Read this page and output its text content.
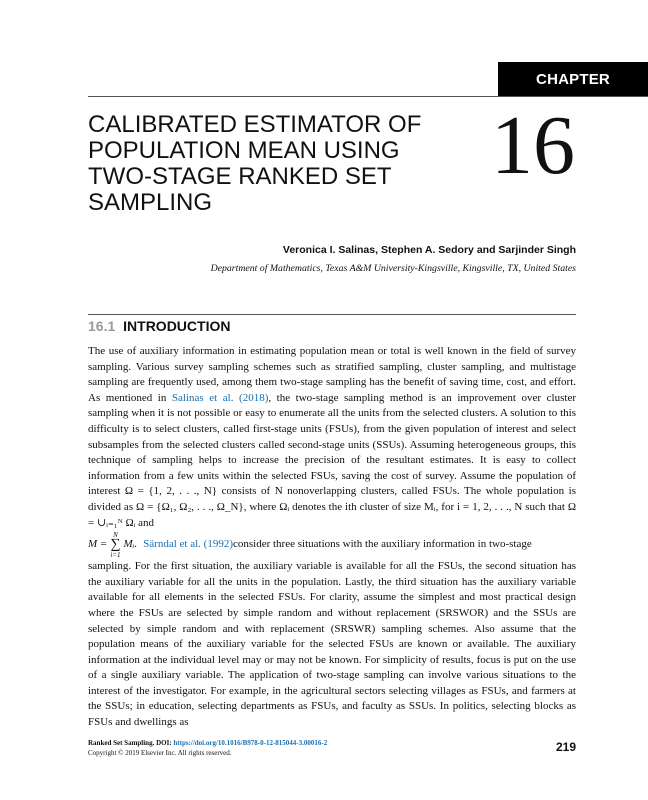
CHAPTER
CALIBRATED ESTIMATOR OF POPULATION MEAN USING TWO-STAGE RANKED SET SAMPLING
16
Veronica I. Salinas, Stephen A. Sedory and Sarjinder Singh
Department of Mathematics, Texas A&M University-Kingsville, Kingsville, TX, United States
16.1 INTRODUCTION

The use of auxiliary information in estimating population mean or total is well known in the field of survey sampling. Various survey sampling schemes such as stratified sampling, cluster sampling, and multistage sampling are frequently used, among them two-stage sampling has the benefit of saving time, cost, and effort. As mentioned in Salinas et al. (2018), the two-stage sampling method is an improvement over cluster sampling when it is not possible or easy to enumerate all the units from the selected clusters. A solution to this difficulty is to select clusters, called first-stage units (FSUs), from the given population of interest and select subsamples from the selected clusters called second-stage units (SSUs). Assuming heterogeneous groups, this technique of sampling helps to increase the precision of the resultant estimates. It is easy to collect information from a few units within the selected FSUs, saving the cost of survey. Assume the population of interest Ω = {1, 2, . . ., N} consists of N nonoverlapping clusters, called FSUs. The whole population is divided as Ω = {Ω₁, Ω₂, . . ., Ω_N}, where Ωᵢ denotes the ith cluster of size Mᵢ, for i = 1, 2, . . ., N such that Ω = ∪ᵢ₌₁ᴺ Ωᵢ and

M =
N
∑
i=1
Mᵢ. Särndal et al. (1992) consider three situations with the auxiliary information in two-stage

sampling. For the first situation, the auxiliary variable is available for all the FSUs, the second situation has the auxiliary variable for all the units in the population. Lastly, the third situation has the auxiliary variable available for all elements in the selected FSUs. For clarity, assume the simplest and most practical design where the FSUs are selected by simple random and without replacement (SRSWOR) and the SSUs are selected by simple random and with replacement (SRSWR) sampling schemes. Also assume that the population means of the auxiliary variable for the selected FSUs are known or available. The auxiliary information at the individual level may or may not be known. For simplicity of results, focus is put on the use of a single auxiliary variable. The application of two-stage sampling can involve various situations to the interest of the investigator. For example, in the agricultural sectors selecting villages as FSUs, and farmers at the SSUs; in education, selecting departments as FSUs, and faculty as SSUs. In politics, selecting blocks as FSUs and dwellings as

Ranked Set Sampling. DOI: https://doi.org/10.1016/B978-0-12-815044-3.00016-2
Copyright © 2019 Elsevier Inc. All rights reserved.	219
